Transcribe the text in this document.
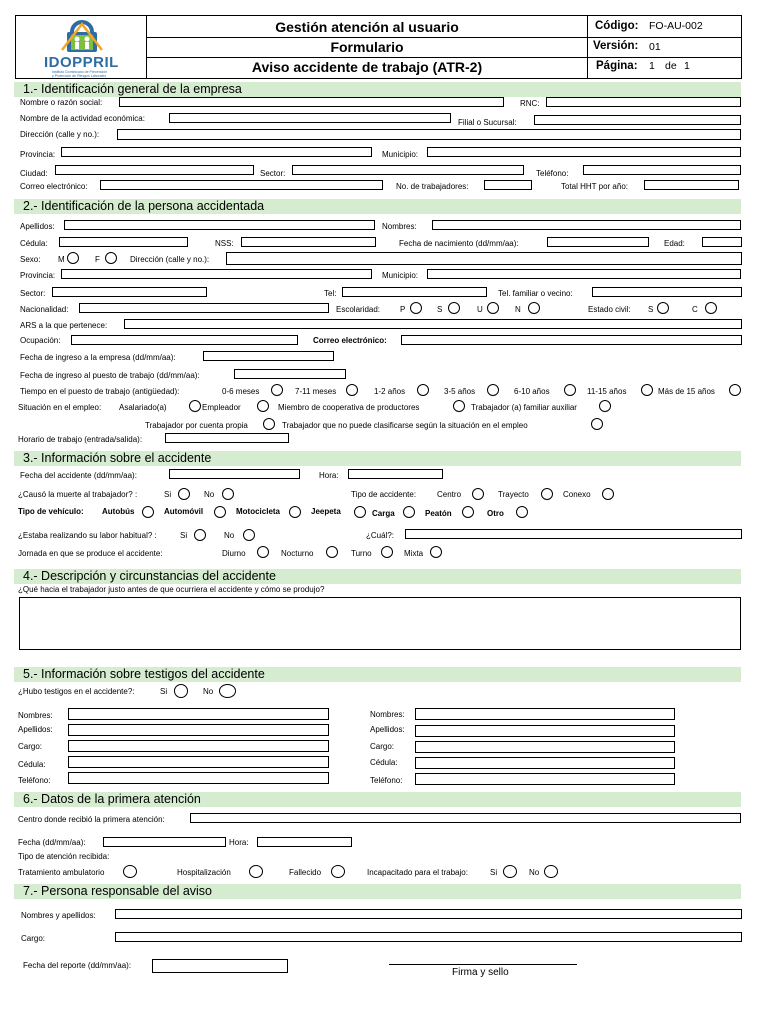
IDOPPRIL
Instituto Dominicano de Prevención
y Protección de Riesgos Laborales
Gestión atención al usuario
Formulario
Aviso accidente de trabajo (ATR-2)
Código: FO-AU-002
Versión: 01
Página: 1 de 1
1.- Identificación general de la empresa
Nombre o razón social:	RNC:
Nombre de la actividad económica:	Filial o Sucursal:
Dirección (calle y no.):
Provincia:	Municipio:
Ciudad:	Sector:	Teléfono:
Correo electrónico:	No. de trabajadores:	Total HHT por año:
2.- Identificación de la persona accidentada
Apellidos:	Nombres:
Cédula:	NSS:	Fecha de nacimiento (dd/mm/aa):	Edad:
Sexo: M	F	Dirección (calle y no.):
Provincia:	Municipio:
Sector:	Tel:	Tel. familiar o vecino:
Nacionalidad:	Escolaridad: P	S	U	N	Estado civil: S	C
ARS a la que pertenece:
Ocupación:	Correo electrónico:
Fecha de ingreso a la empresa (dd/mm/aa):
Fecha de ingreso al puesto de trabajo (dd/mm/aa):
Tiempo en el puesto de trabajo (antigüedad):	0-6 meses	7-11 meses	1-2 años	3-5 años	6-10 años	11-15 años	Más de 15 años
Situación en el empleo: Asalariado(a)	Empleador	Miembro de cooperativa de productores	Trabajador (a) familiar auxiliar
Trabajador por cuenta propia	Trabajador que no puede clasificarse según la situación en el empleo
Horario de trabajo (entrada/salida):
3.- Información sobre el accidente
Fecha del accidente (dd/mm/aa):	Hora:
¿Causó la muerte al trabajador? :	Si	No	Tipo de accidente:	Centro	Trayecto	Conexo
Tipo de vehículo: Autobús	Automóvil	Motocicleta	Jeepeta	Carga	Peatón	Otro
¿Estaba realizando su labor habitual? :	Si	No	¿Cuál?:
Jornada en que se produce el accidente:	Diurno	Nocturno	Turno	Mixta
4.- Descripción y circunstancias del accidente
¿Qué hacia el trabajador justo antes de que ocurriera el accidente y cómo se produjo?
5.- Información sobre testigos del accidente
¿Hubo testigos en el accidente?:	Si	No
Nombres:
Apellidos:
Cargo:
Cédula:
Teléfono:
Nombres:
Apellidos:
Cargo:
Cédula:
Teléfono:
6.- Datos de la primera atención
Centro donde recibió la primera atención:
Fecha (dd/mm/aa):	Hora:
Tipo de atención recibida:
Tratamiento ambulatorio	Hospitalización	Fallecido	Incapacitado para el trabajo:	Si	No
7.- Persona responsable del aviso
Nombres y apellidos:
Cargo:
Fecha del reporte (dd/mm/aa):
Firma y sello
